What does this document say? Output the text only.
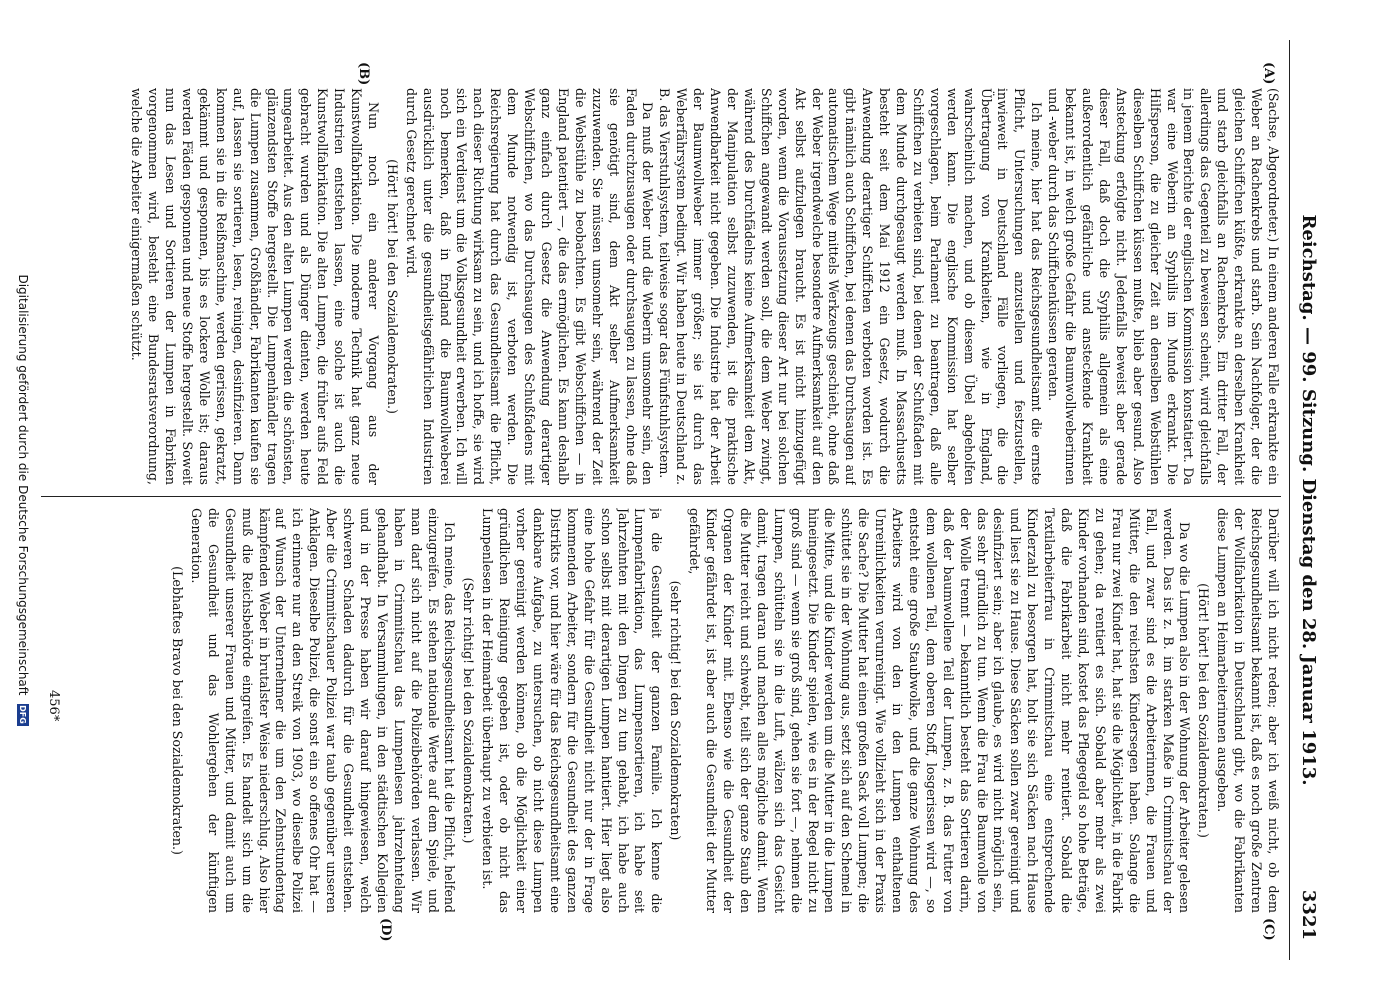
Reichstag. — 99. Sitzung. Dienstag den 28. Januar 1913.
3321
(A)
(B)
(C)
(D)

(Sachse, Abgeordneter.) In einem anderen Falle erkrankte ein Weber an Rachenkrebs und starb. Sein Nachfolger, der die gleichen Schiffchen küßte, erkrankte an derselben Krankheit und starb gleichfalls an Rachenkrebs. Ein dritter Fall, der allerdings das Gegenteil zu beweisen scheint, wird gleichfalls in jenem Berichte der englischen Kommission konstatiert. Da war eine Weberin an Syphilis im Munde erkrankt. Die Hilfsperson, die zu gleicher Zeit an denselben Webstühlen dieselben Schiffchen küssen mußte, blieb aber gesund. Also Ansteckung erfolgte nicht. Jedenfalls beweist aber gerade dieser Fall, daß doch die Syphilis allgemein als eine außerordentlich gefährliche und ansteckende Krankheit bekannt ist, in welch große Gefahr die Baumwollweberinnen und -weber durch das Schiffchenküssen geraten.

Ich meine, hier hat das Reichsgesundheitsamt die ernste Pflicht, Untersuchungen anzustellen und festzustellen, inwieweit in Deutschland Fälle vorliegen, die die Übertragung von Krankheiten, wie in England, wahrscheinlich machen, und ob diesem Übel abgeholfen werden kann. Die englische Kommission hat selber vorgeschlagen, beim Parlament zu beantragen, daß alle Schiffchen zu verbieten sind, bei denen der Schußfaden mit dem Munde durchgesaugt werden muß. In Massachusetts besteht seit dem Mai 1912 ein Gesetz, wodurch die Anwendung derartiger Schiffchen verboten worden ist. Es gibt nämlich auch Schiffchen, bei denen das Durchsaugen auf automatischem Wege mittels Werkzeugs geschieht, ohne daß der Weber irgendwelche besondere Aufmerksamkeit auf den Akt selbst aufzulegen braucht. Es ist nicht hinzugefügt worden, wenn die Voraussetzung dieser Art nur bei solchen Schiffchen angewandt werden soll, die dem Weber zwingt, während des Durchfädelns keine Aufmerksamkeit dem Akt, der Manipulation selbst zuzuwenden, ist die praktische Anwendbarkeit nicht gegeben. Die Industrie hat der Arbeit der Baumwollweber immer größer; sie ist durch das Weberfährsystem bedingt. Wir haben heute in Deutschland z. B. das Vierstuhlsystem, teilweise sogar das Fünfstuhlsystem.

Da muß der Weber und die Weberin umsomehr sein, den Faden durchzusaugen oder durchsaugen zu lassen, ohne daß sie genötigt sind, dem Akt selber Aufmerksamkeit zuzuwenden. Sie müssen umsomehr sein, während der Zeit die Webstühle zu beobachten. Es gibt Webschiffchen — in England patentiert —, die das ermöglichen. Es kann deshalb ganz einfach durch Gesetz die Anwendung derartiger Webschiffchen, wo das Durchsaugen des Schußfadens mit dem Munde notwendig ist, verboten werden. Die Reichsregierung hat durch das Gesundheitsamt die Pflicht, nach dieser Richtung wirksam zu sein, und ich hoffe, sie wird sich ein Verdienst um die Volksgesundheit erwerben. Ich will noch bemerken, daß in England die Baumwollweberei ausdrücklich unter die gesundheitsgefährlichen Industrien durch Gesetz gerechnet wird.

(Hört! hört! bei den Sozialdemokraten.)

Nun noch ein anderer Vorgang aus der Kunstwollfabrikation. Die moderne Technik hat ganz neue Industrien entstehen lassen, eine solche ist auch die Kunstwollfabrikation. Die alten Lumpen, die früher aufs Feld gebracht wurden und als Dünger dienten, werden heute umgearbeitet. Aus den alten Lumpen werden die schönsten, glänzendsten Stoffe hergestellt. Die Lumpenhändler tragen die Lumpen zusammen, Großhändler, Fabrikanten kaufen sie auf, lassen sie sortieren, lesen, reinigen, desinfizieren. Dann kommen sie in die Reißmaschine, werden gerissen, gekratzt, gekämmt und gesponnen, bis es lockere Wolle ist; daraus werden Fäden gesponnen und neue Stoffe hergestellt. Soweit nun das Lesen und Sortieren der Lumpen in Fabriken vorgenommen wird, besteht eine Bundesratsverordnung, welche die Arbeiter einigermaßen schützt.

Darüber will ich nicht reden; aber ich weiß nicht, ob dem Reichsgesundheitsamt bekannt ist, daß es noch große Zentren der Wollfabrikation in Deutschland gibt, wo die Fabrikanten diese Lumpen an Heimarbeiterinnen ausgeben.

(Hört! hört! bei den Sozialdemokraten.)

Da wo die Lumpen also in der Wohnung der Arbeiter gelesen werden. Das ist z. B. im starken Maße in Crimmitschau der Fall, und zwar sind es die Arbeiterinnen, die Frauen und Mütter, die den reichsten Kindersegen haben. Solange die Frau nur zwei Kinder hat, hat sie die Möglichkeit, in die Fabrik zu gehen; da rentiert es sich. Sobald aber mehr als zwei Kinder vorhanden sind, kostet das Pflegegeld so hohe Beträge, daß die Fabrikarbeit nicht mehr rentiert. Sobald die Textilarbeiterfrau in Crimmitschau eine entsprechende Kinderzahl zu besorgen hat, holt sie sich Säcken nach Hause und liest sie zu Hause. Diese Säcken sollen zwar gereinigt und desinfiziert sein; aber ich glaube, es wird nicht möglich sein, das sehr gründlich zu tun. Wenn die Frau die Baumwolle von der Wolle trennt — bekanntlich besteht das Sortieren darin, daß der baumwollene Teil der Lumpen, z. B. das Futter von dem wollenen Teil, dem oberen Stoff, losgerissen wird —, so entsteht eine große Staubwolke, und die ganze Wohnung des Arbeiters wird von den in den Lumpen enthaltenen Unreinlichkeiten verunreinigt. Wie vollzieht sich in der Praxis die Sache? Die Mutter hat einen großen Sack voll Lumpen; die schüttet sie in der Wohnung aus, setzt sich auf den Schemel in die Mitte, und die Kinder werden um die Mutter in die Lumpen hineingesetzt. Die Kinder spielen, wie es in der Regel nicht zu groß sind — wenn sie groß sind, gehen sie fort —, nehmen die Lumpen, schütteln sie in die Luft, wälzen sich das Gesicht damit, tragen daran und machen alles mögliche damit. Wenn die Mutter reicht und schwebt, teilt sich der ganze Staub den Organen der Kinder mit. Ebenso wie die Gesundheit der Kinder gefährdet ist, ist aber auch die Gesundheit der Mutter gefährdet,

(sehr richtig! bei den Sozialdemokraten)

ja die Gesundheit der ganzen Familie. Ich kenne die Lumpenfabrikation, das Lumpensortieren, ich habe seit Jahrzehnten mit den Dingen zu tun gehabt, ich habe auch schon selbst mit derartigen Lumpen hantiert. Hier liegt also eine hohe Gefahr für die Gesundheit nicht nur der in Frage kommenden Arbeiter, sondern für die Gesundheit des ganzen Distrikts vor, und hier wäre für das Reichsgesundheitsamt eine dankbare Aufgabe, zu untersuchen, ob nicht diese Lumpen vorher gereinigt werden können, ob die Möglichkeit einer gründlichen Reinigung gegeben ist, oder ob nicht das Lumpenlesen in der Heimarbeit überhaupt zu verbieten ist.

(Sehr richtig! bei den Sozialdemokraten.)

Ich meine, das Reichsgesundheitsamt hat die Pflicht, helfend einzugreifen. Es stehen nationale Werte auf dem Spiele, und man darf sich nicht auf die Polizeibehörden verlassen. Wir haben in Crimmitschau das Lumpenlesen jahrzehntelang gehandhabt. In Versammlungen, in den städtischen Kollegien und in der Presse haben wir darauf hingewiesen, welch schweren Schaden dadurch für die Gesundheit entstehen. Aber die Crimmitschauer Polizei war taub gegenüber unseren Anklagen. Dieselbe Polizei, die sonst ein so offenes Ohr hat — ich erinnere nur an den Streik von 1903, wo dieselbe Polizei auf Wunsch der Unternehmer die um den Zehnstundentag kämpfenden Weber in brutalster Weise niederschlug. Also hier muß die Reichsbehörde eingreifen. Es handelt sich um die Gesundheit unserer Frauen und Mütter, und damit auch um die Gesundheit und das Wohlergehen der künftigen Generation.

(Lebhaftes Bravo bei den Sozialdemokraten.)

456*
Digitalisierung gefördert durch die Deutsche Forschungsgemeinschaft
DFG
